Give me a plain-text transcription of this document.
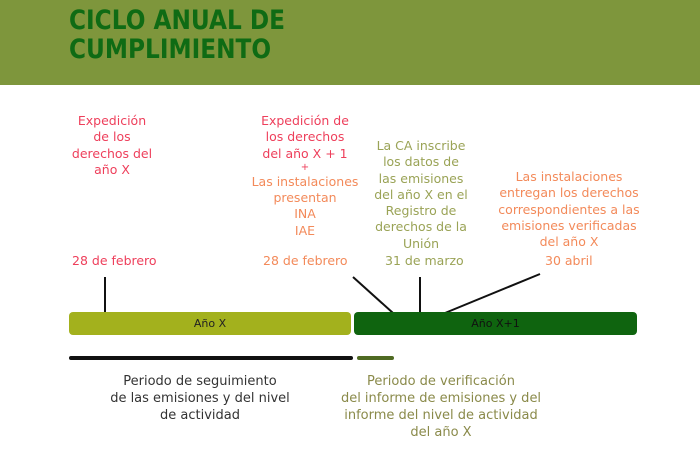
CICLO ANUAL DE
CUMPLIMIENTO
Expedición
de los
derechos del
año X
28 de febrero
Expedición de
los derechos
del año X + 1
+
Las instalaciones
presentan
INA
IAE
28 de febrero
La CA inscribe
los datos de
las emisiones
del año X en el
Registro de
derechos de la
Unión
31 de marzo
Las instalaciones
entregan los derechos
correspondientes a las
emisiones verificadas
del año X
30 abril
Año X	Año X+1
Periodo de seguimiento
de las emisiones y del nivel
de actividad
Periodo de verificación
del informe de emisiones y del
informe del nivel de actividad
del año X
